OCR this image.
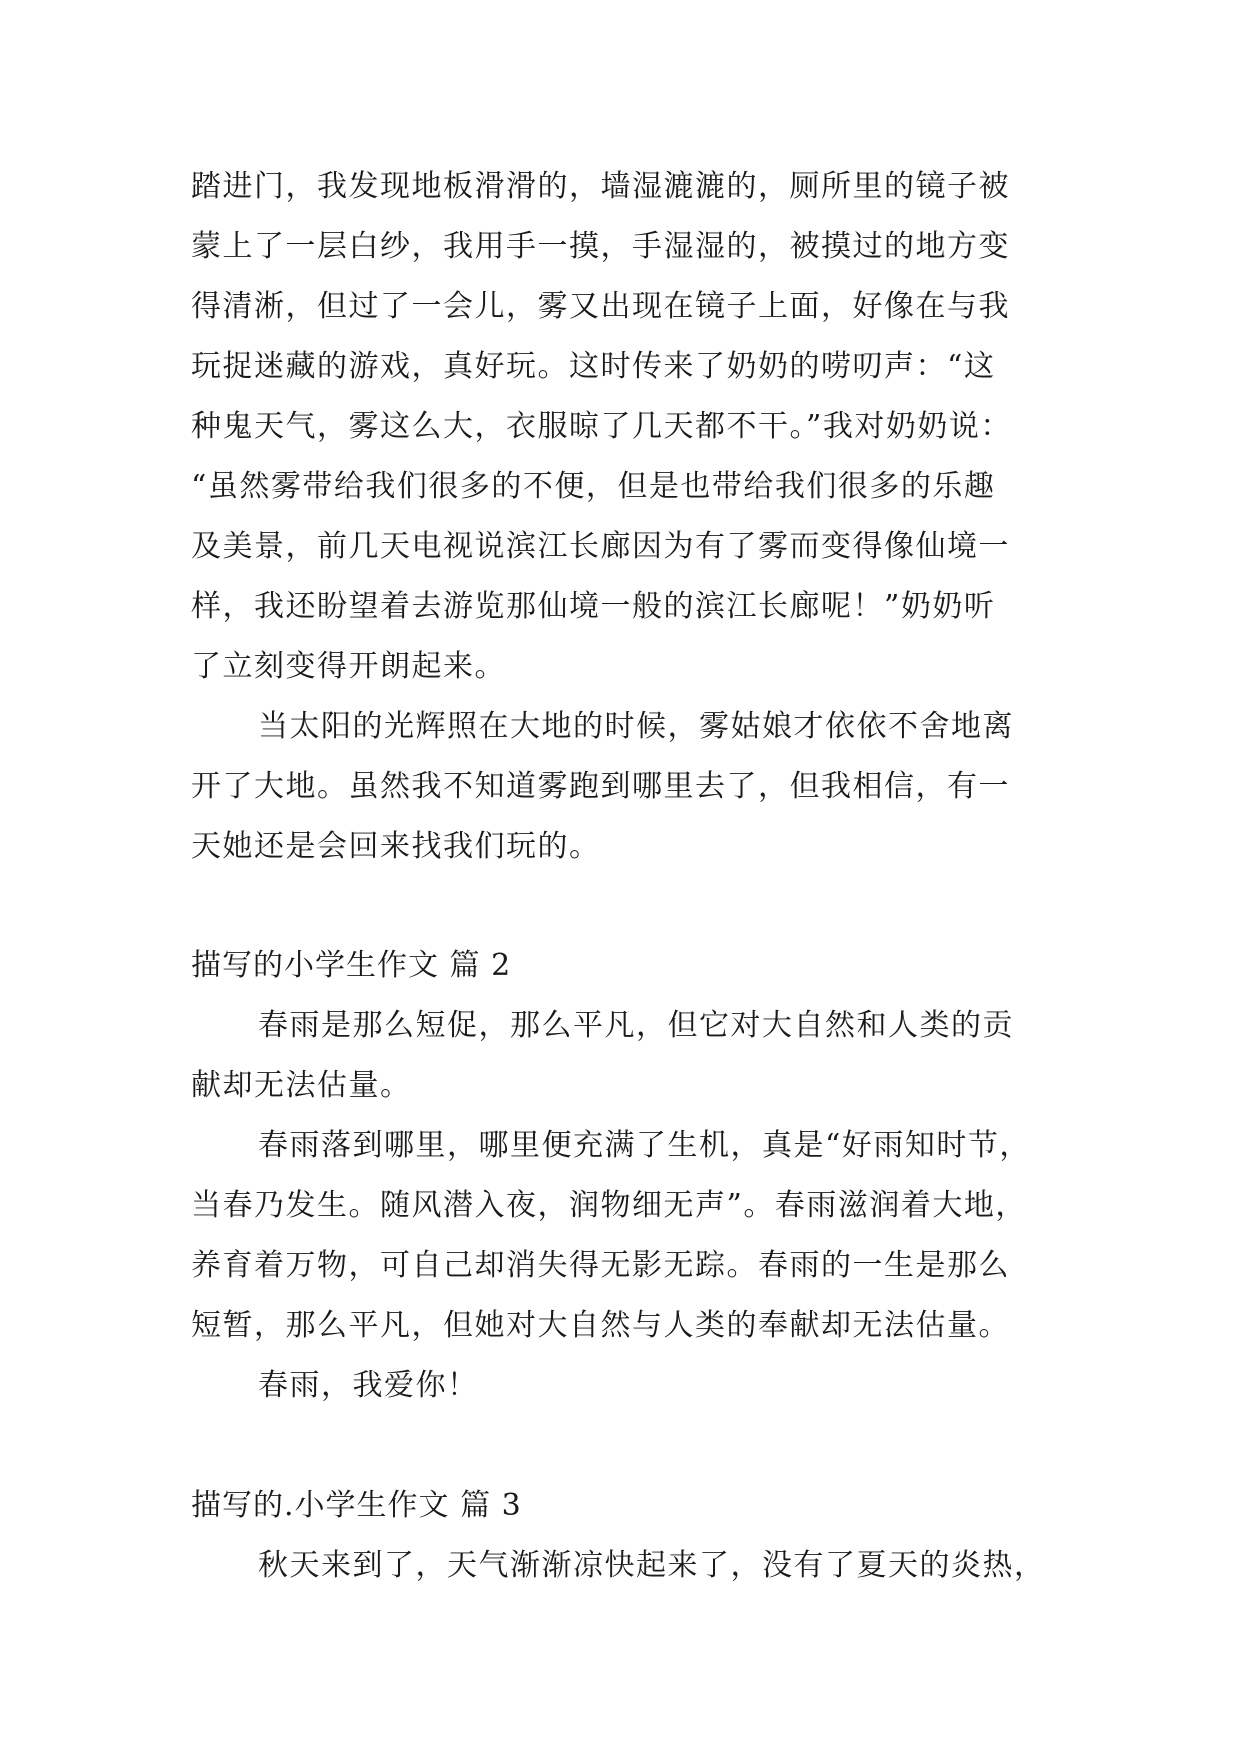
踏进门，我发现地板滑滑的，墙湿漉漉的，厕所里的镜子被
蒙上了一层白纱，我用手一摸，手湿湿的，被摸过的地方变
得清淅，但过了一会儿，雾又出现在镜子上面，好像在与我
玩捉迷藏的游戏，真好玩。这时传来了奶奶的唠叨声：“这
种鬼天气，雾这么大，衣服晾了几天都不干。”我对奶奶说：
“虽然雾带给我们很多的不便，但是也带给我们很多的乐趣
及美景，前几天电视说滨江长廊因为有了雾而变得像仙境一
样，我还盼望着去游览那仙境一般的滨江长廊呢！”奶奶听
了立刻变得开朗起来。
当太阳的光辉照在大地的时候，雾姑娘才依依不舍地离
开了大地。虽然我不知道雾跑到哪里去了，但我相信，有一
天她还是会回来找我们玩的。
描写的小学生作文 篇 2
春雨是那么短促，那么平凡，但它对大自然和人类的贡
献却无法估量。
春雨落到哪里，哪里便充满了生机，真是“好雨知时节，
当春乃发生。随风潜入夜，润物细无声”。春雨滋润着大地，
养育着万物，可自己却消失得无影无踪。春雨的一生是那么
短暂，那么平凡，但她对大自然与人类的奉献却无法估量。
春雨，我爱你！
描写的.小学生作文 篇 3
秋天来到了，天气渐渐凉快起来了，没有了夏天的炎热，
